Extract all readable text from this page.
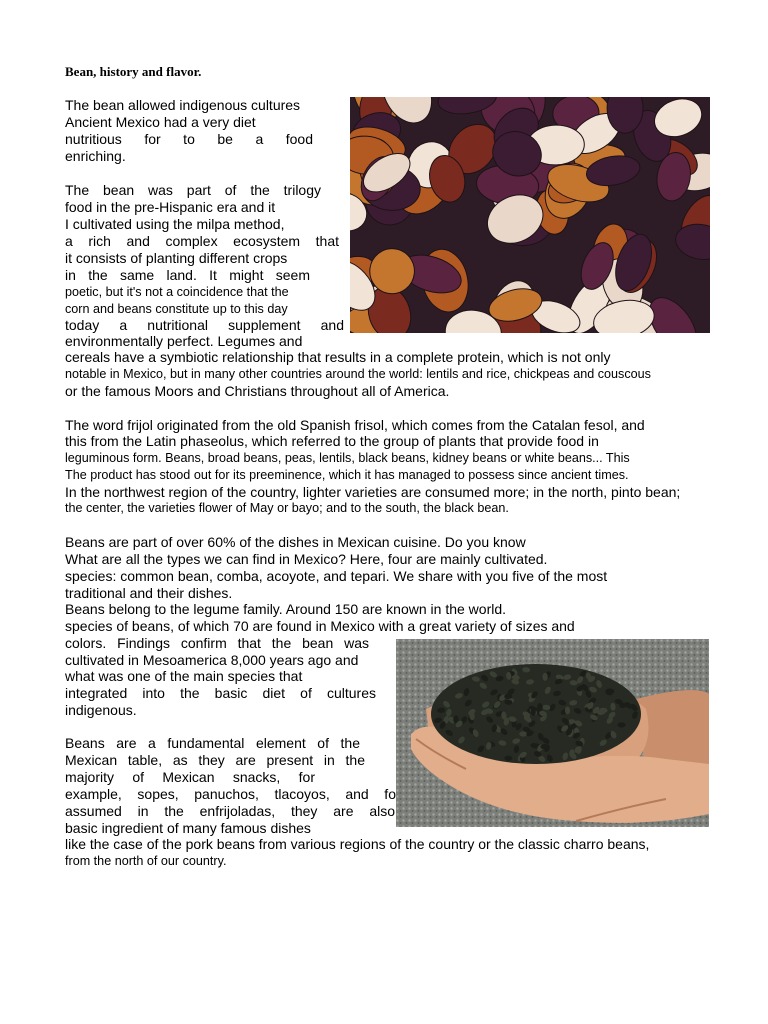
Bean, history and flavor.
The bean allowed indigenous cultures
Ancient Mexico had a very diet
nutritious for to be a food
enriching.
The bean was part of the trilogy
food in the pre-Hispanic era and it
I cultivated using the milpa method,
a rich and complex ecosystem that
it consists of planting different crops
in the same land. It might seem
poetic, but it's not a coincidence that the
corn and beans constitute up to this day
today a nutritional supplement and
environmentally perfect. Legumes and
cereals have a symbiotic relationship that results in a complete protein, which is not only
notable in Mexico, but in many other countries around the world: lentils and rice, chickpeas and couscous
or the famous Moors and Christians throughout all of America.
The word frijol originated from the old Spanish frisol, which comes from the Catalan fesol, and
this from the Latin phaseolus, which referred to the group of plants that provide food in
leguminous form. Beans, broad beans, peas, lentils, black beans, kidney beans or white beans... This
The product has stood out for its preeminence, which it has managed to possess since ancient times.
In the northwest region of the country, lighter varieties are consumed more; in the north, pinto bean;
the center, the varieties flower of May or bayo; and to the south, the black bean.
Beans are part of over 60% of the dishes in Mexican cuisine. Do you know
What are all the types we can find in Mexico? Here, four are mainly cultivated.
species: common bean, comba, acoyote, and tepari. We share with you five of the most
traditional and their dishes.
Beans belong to the legume family. Around 150 are known in the world.
species of beans, of which 70 are found in Mexico with a great variety of sizes and
colors. Findings confirm that the bean was
cultivated in Mesoamerica 8,000 years ago and
what was one of the main species that
integrated into the basic diet of cultures
indigenous.
Beans are a fundamental element of the
Mexican table, as they are present in the
majority of Mexican snacks, for
example, sopes, panuchos, tlacoyos, and fo
assumed in the enfrijoladas, they are also
basic ingredient of many famous dishes
like the case of the pork beans from various regions of the country or the classic charro beans,
from the north of our country.
